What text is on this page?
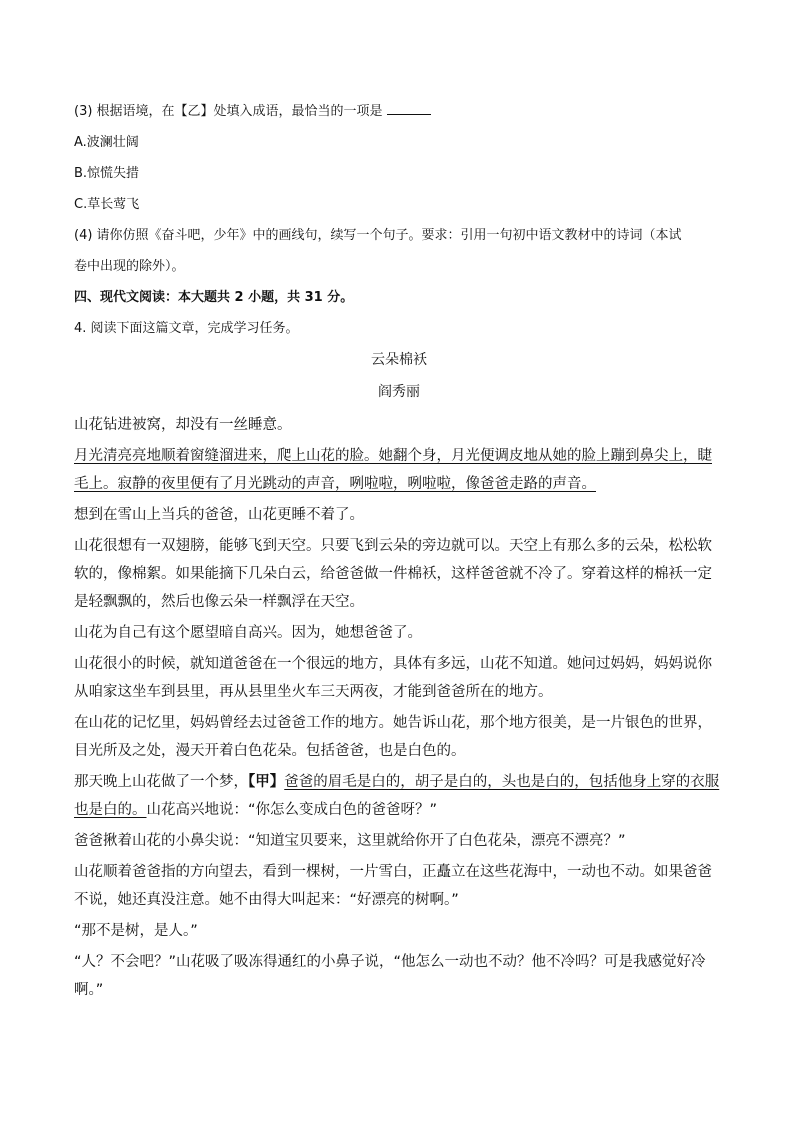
(3) 根据语境，在【乙】处填入成语，最恰当的一项是
A.波澜壮阔
B.惊慌失措
C.草长莺飞
(4) 请你仿照《奋斗吧，少年》中的画线句，续写一个句子。要求：引用一句初中语文教材中的诗词（本试
卷中出现的除外）。
四、现代文阅读：本大题共 2 小题，共 31 分。
4. 阅读下面这篇文章，完成学习任务。
云朵棉袄
阎秀丽
山花钻进被窝，却没有一丝睡意。
月光清亮亮地顺着窗缝溜进来，爬上山花的脸。她翻个身，月光便调皮地从她的脸上蹦到鼻尖上，睫毛上。寂静的夜里便有了月光跳动的声音，咧啦啦，咧啦啦，像爸爸走路的声音。
想到在雪山上当兵的爸爸，山花更睡不着了。
山花很想有一双翅膀，能够飞到天空。只要飞到云朵的旁边就可以。天空上有那么多的云朵，松松软软的，像棉絮。如果能摘下几朵白云，给爸爸做一件棉袄，这样爸爸就不冷了。穿着这样的棉袄一定是轻飘飘的，然后也像云朵一样飘浮在天空。
山花为自己有这个愿望暗自高兴。因为，她想爸爸了。
山花很小的时候，就知道爸爸在一个很远的地方，具体有多远，山花不知道。她问过妈妈，妈妈说你从咱家这坐车到县里，再从县里坐火车三天两夜，才能到爸爸所在的地方。
在山花的记忆里，妈妈曾经去过爸爸工作的地方。她告诉山花，那个地方很美，是一片银色的世界，目光所及之处，漫天开着白色花朵。包括爸爸，也是白色的。
那天晚上山花做了一个梦，【甲】爸爸的眉毛是白的，胡子是白的，头也是白的，包括他身上穿的衣服也是白的。山花高兴地说：“你怎么变成白色的爸爸呀？”
爸爸揪着山花的小鼻尖说：“知道宝贝要来，这里就给你开了白色花朵，漂亮不漂亮？”
山花顺着爸爸指的方向望去，看到一棵树，一片雪白，正矗立在这些花海中，一动也不动。如果爸爸不说，她还真没注意。她不由得大叫起来：“好漂亮的树啊。”
“那不是树，是人。”
“人？不会吧？”山花吸了吸冻得通红的小鼻子说，“他怎么一动也不动？他不冷吗？可是我感觉好冷啊。”
